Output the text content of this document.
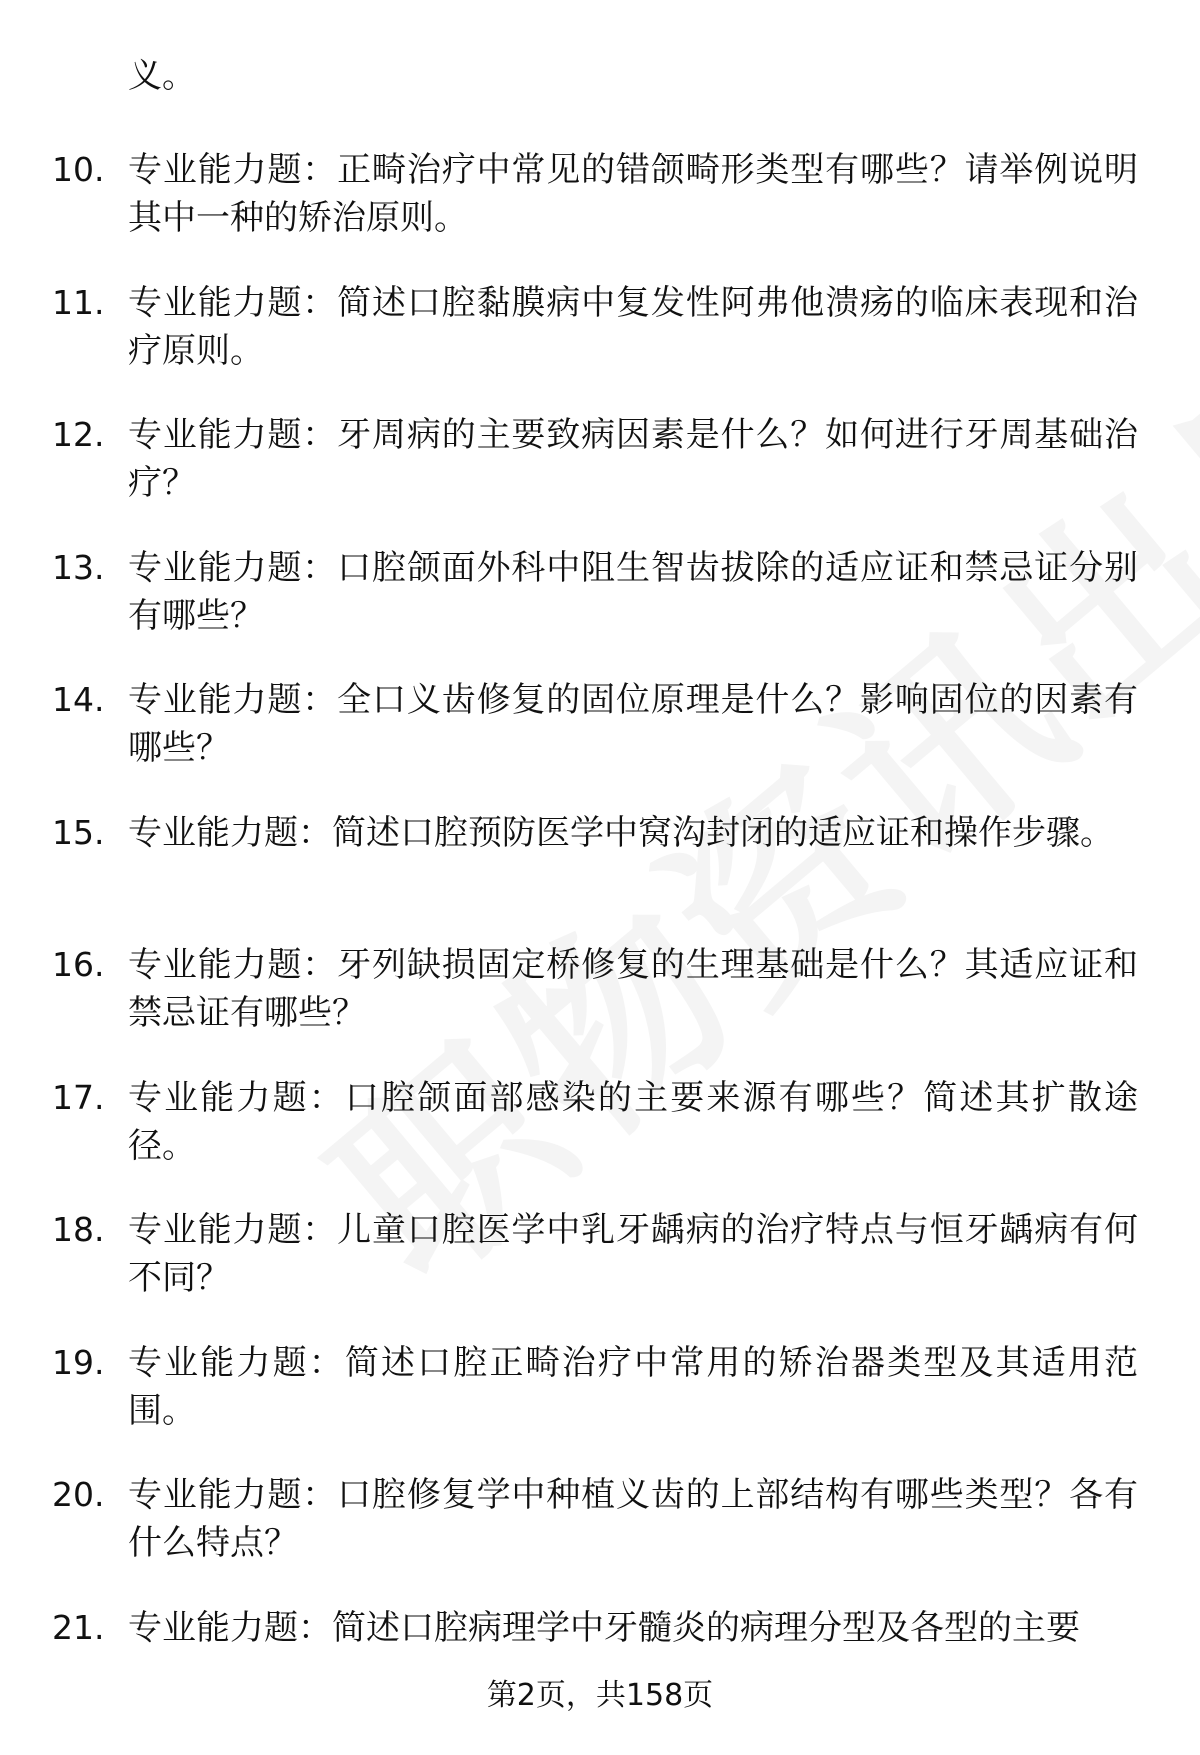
义。
10. 专业能力题：正畸治疗中常见的错颌畸形类型有哪些？请举例说明其中一种的矫治原则。
11. 专业能力题：简述口腔黏膜病中复发性阿弗他溃疡的临床表现和治疗原则。
12. 专业能力题：牙周病的主要致病因素是什么？如何进行牙周基础治疗？
13. 专业能力题：口腔颌面外科中阻生智齿拔除的适应证和禁忌证分别有哪些？
14. 专业能力题：全口义齿修复的固位原理是什么？影响固位的因素有哪些？
15. 专业能力题：简述口腔预防医学中窝沟封闭的适应证和操作步骤。
16. 专业能力题：牙列缺损固定桥修复的生理基础是什么？其适应证和禁忌证有哪些？
17. 专业能力题：口腔颌面部感染的主要来源有哪些？简述其扩散途径。
18. 专业能力题：儿童口腔医学中乳牙龋病的治疗特点与恒牙龋病有何不同？
19. 专业能力题：简述口腔正畸治疗中常用的矫治器类型及其适用范围。
20. 专业能力题：口腔修复学中种植义齿的上部结构有哪些类型？各有什么特点？
21. 专业能力题：简述口腔病理学中牙髓炎的病理分型及各型的主要
第2页，共158页
